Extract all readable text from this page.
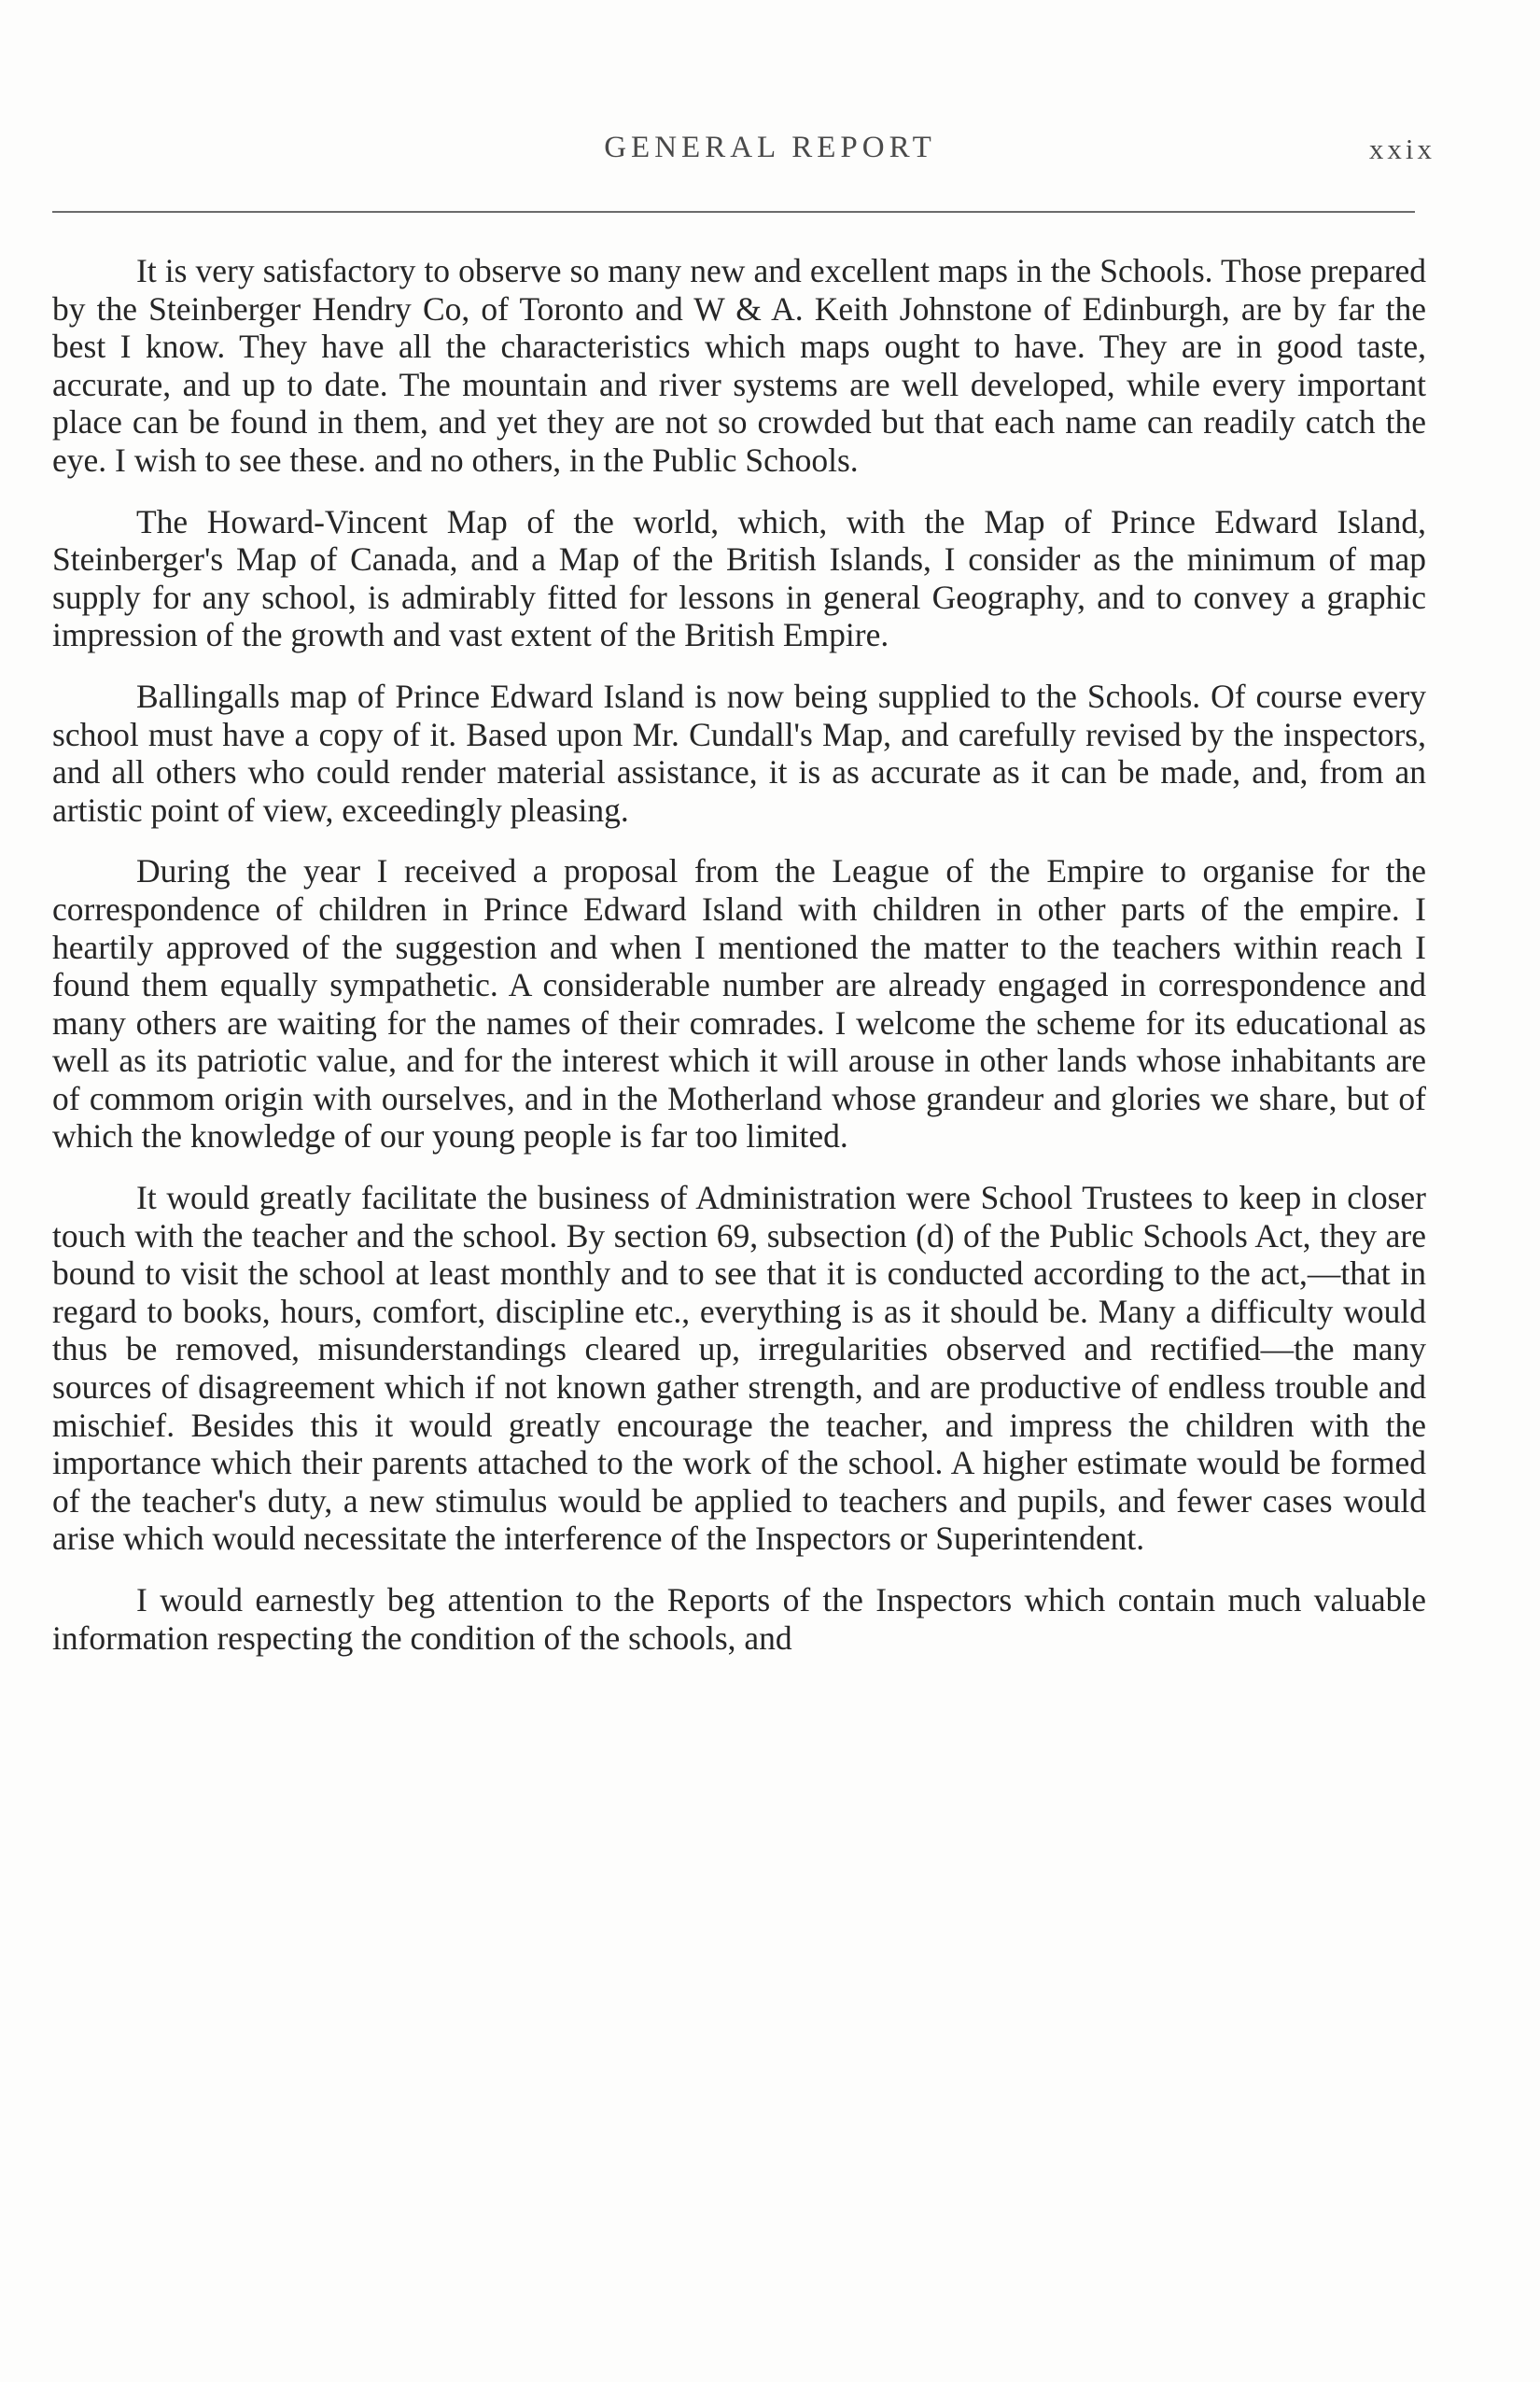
GENERAL REPORT	xxix

It is very satisfactory to observe so many new and excellent maps in the Schools. Those prepared by the Steinberger Hendry Co, of Toronto and W & A. Keith Johnstone of Edinburgh, are by far the best I know. They have all the characteristics which maps ought to have. They are in good taste, accurate, and up to date. The mountain and river systems are well developed, while every important place can be found in them, and yet they are not so crowded but that each name can readily catch the eye. I wish to see these. and no others, in the Public Schools.

The Howard-Vincent Map of the world, which, with the Map of Prince Edward Island, Steinberger's Map of Canada, and a Map of the British Islands, I consider as the minimum of map supply for any school, is admirably fitted for lessons in general Geography, and to convey a graphic impression of the growth and vast extent of the British Empire.

Ballingalls map of Prince Edward Island is now being supplied to the Schools. Of course every school must have a copy of it. Based upon Mr. Cundall's Map, and carefully revised by the inspectors, and all others who could render material assistance, it is as accurate as it can be made, and, from an artistic point of view, exceedingly pleasing.

During the year I received a proposal from the League of the Empire to organise for the correspondence of children in Prince Edward Island with children in other parts of the empire. I heartily approved of the suggestion and when I mentioned the matter to the teachers within reach I found them equally sympathetic. A considerable number are already engaged in correspondence and many others are waiting for the names of their comrades. I welcome the scheme for its educational as well as its patriotic value, and for the interest which it will arouse in other lands whose inhabitants are of commom origin with ourselves, and in the Motherland whose grandeur and glories we share, but of which the knowledge of our young people is far too limited.

It would greatly facilitate the business of Administration were School Trustees to keep in closer touch with the teacher and the school. By section 69, subsection (d) of the Public Schools Act, they are bound to visit the school at least monthly and to see that it is conducted according to the act,—that in regard to books, hours, comfort, discipline etc., everything is as it should be. Many a difficulty would thus be removed, misunderstandings cleared up, irregularities observed and rectified—the many sources of disagreement which if not known gather strength, and are productive of endless trouble and mischief. Besides this it would greatly encourage the teacher, and impress the children with the importance which their parents attached to the work of the school. A higher estimate would be formed of the teacher's duty, a new stimulus would be applied to teachers and pupils, and fewer cases would arise which would necessitate the interference of the Inspectors or Superintendent.

I would earnestly beg attention to the Reports of the Inspectors which contain much valuable information respecting the condition of the schools, and
